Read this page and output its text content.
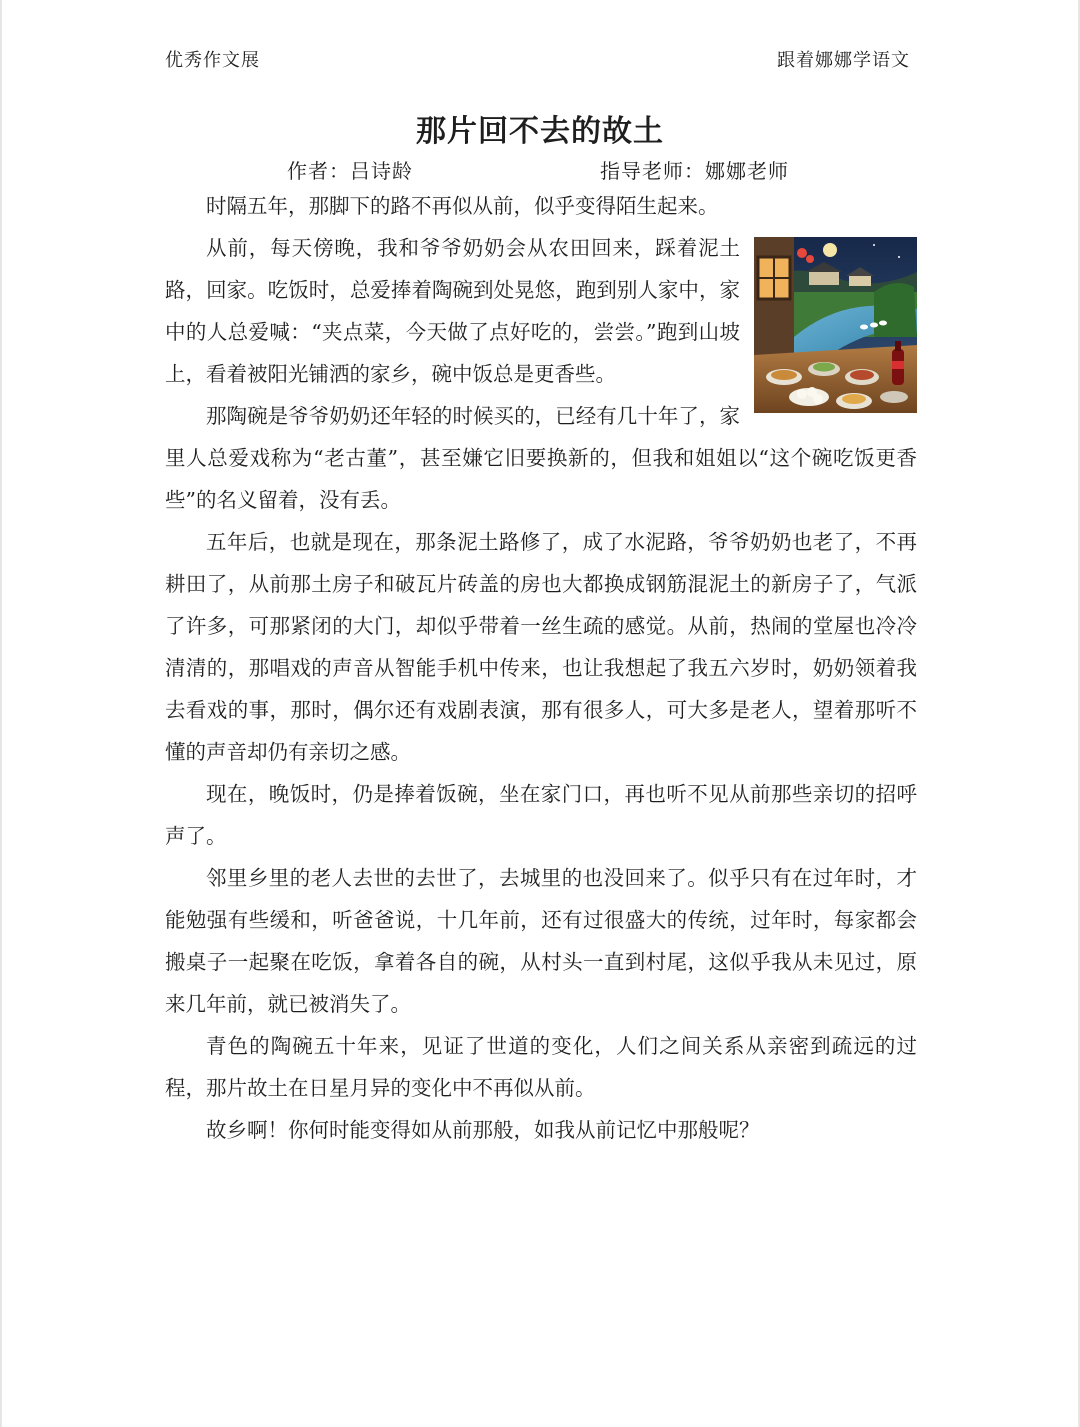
优秀作文展	跟着娜娜学语文
那片回不去的故土
作者：吕诗龄	指导老师：娜娜老师

时隔五年，那脚下的路不再似从前，似乎变得陌生起来。

从前，每天傍晚，我和爷爷奶奶会从农田回来，踩着泥土路，回家。吃饭时，总爱捧着陶碗到处晃悠，跑到别人家中，家中的人总爱喊：“夹点菜，今天做了点好吃的，尝尝。”跑到山坡上，看着被阳光铺洒的家乡，碗中饭总是更香些。

那陶碗是爷爷奶奶还年轻的时候买的，已经有几十年了，家里人总爱戏称为“老古董”，甚至嫌它旧要换新的，但我和姐姐以“这个碗吃饭更香些”的名义留着，没有丢。

五年后，也就是现在，那条泥土路修了，成了水泥路，爷爷奶奶也老了，不再耕田了，从前那土房子和破瓦片砖盖的房也大都换成钢筋混泥土的新房子了，气派了许多，可那紧闭的大门，却似乎带着一丝生疏的感觉。从前，热闹的堂屋也冷冷清清的，那唱戏的声音从智能手机中传来，也让我想起了我五六岁时，奶奶领着我去看戏的事，那时，偶尔还有戏剧表演，那有很多人，可大多是老人，望着那听不懂的声音却仍有亲切之感。

现在，晚饭时，仍是捧着饭碗，坐在家门口，再也听不见从前那些亲切的招呼声了。

邻里乡里的老人去世的去世了，去城里的也没回来了。似乎只有在过年时，才能勉强有些缓和，听爸爸说，十几年前，还有过很盛大的传统，过年时，每家都会搬桌子一起聚在吃饭，拿着各自的碗，从村头一直到村尾，这似乎我从未见过，原来几年前，就已被消失了。

青色的陶碗五十年来，见证了世道的变化，人们之间关系从亲密到疏远的过程，那片故土在日星月异的变化中不再似从前。

故乡啊！你何时能变得如从前那般，如我从前记忆中那般呢？
